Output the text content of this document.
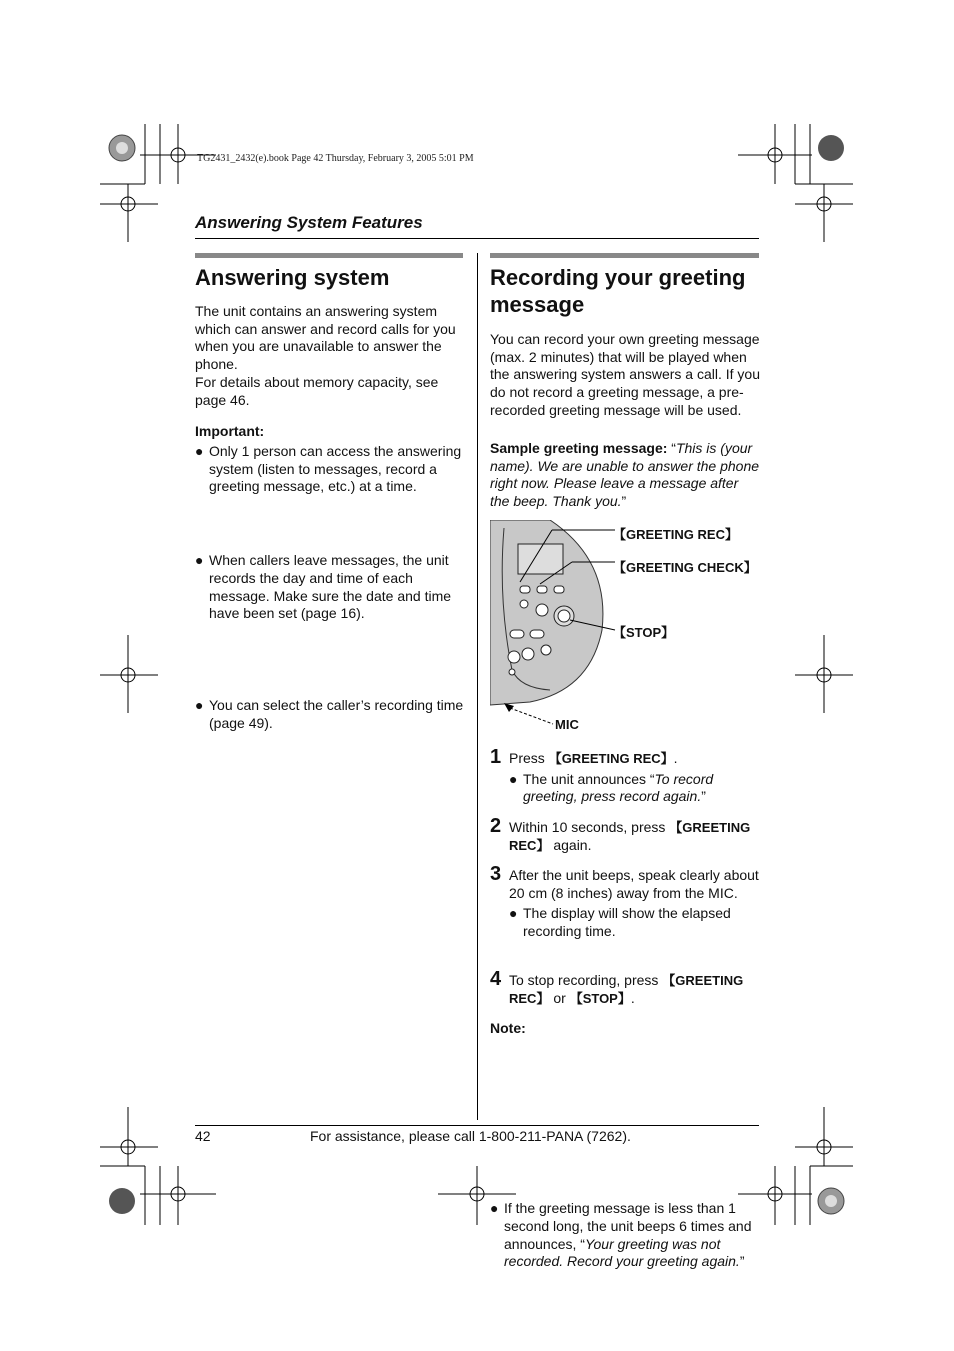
TG2431_2432(e).book Page 42 Thursday, February 3, 2005 5:01 PM
Answering System Features
Answering system
The unit contains an answering system which can answer and record calls for you when you are unavailable to answer the phone.
For details about memory capacity, see page 46.
Important:
● Only 1 person can access the answering system (listen to messages, record a greeting message, etc.) at a time.
● When callers leave messages, the unit records the day and time of each message. Make sure the date and time have been set (page 16).
● You can select the caller’s recording time (page 49).
Recording your greeting message
You can record your own greeting message (max. 2 minutes) that will be played when the answering system answers a call. If you do not record a greeting message, a pre-recorded greeting message will be used.
Sample greeting message: “This is (your name). We are unable to answer the phone right now. Please leave a message after the beep. Thank you.”
【GREETING REC】
【GREETING CHECK】
【STOP】
MIC
1 Press 【GREETING REC】.
● The unit announces “To record greeting, press record again.”
2 Within 10 seconds, press 【GREETING REC】 again.
3 After the unit beeps, speak clearly about 20 cm (8 inches) away from the MIC.
● The display will show the elapsed recording time.
4 To stop recording, press 【GREETING REC】 or 【STOP】.
Note:
● If the greeting message is less than 1 second long, the unit beeps 6 times and announces, “Your greeting was not recorded. Record your greeting again.”
42	For assistance, please call 1-800-211-PANA (7262).
